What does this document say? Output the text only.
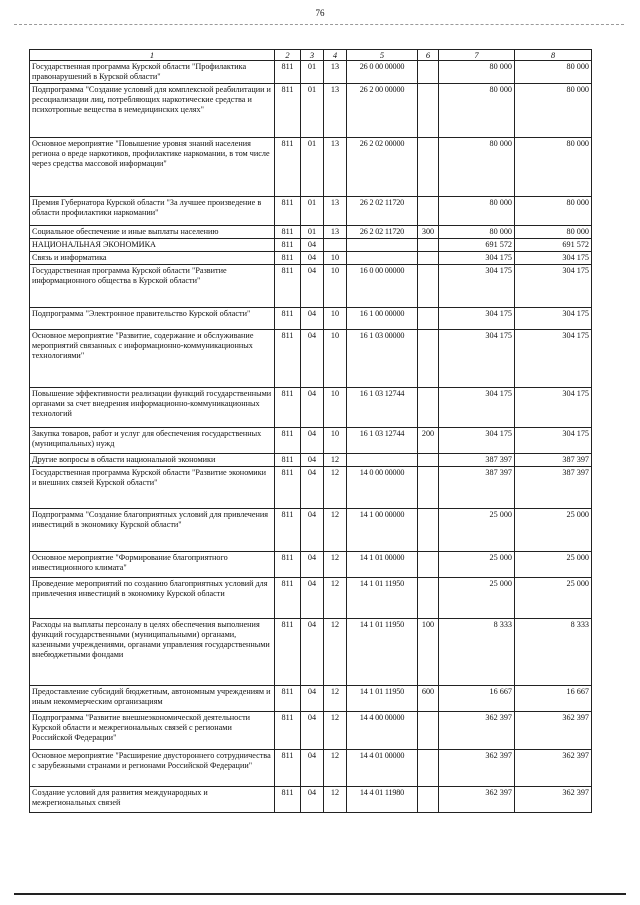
76
1	2	3	4	5	6	7	8
Государственная программа Курской области "Профилактика правонарушений в Курской области"	811	01	13	26 0 00 00000		80 000	80 000
Подпрограмма "Создание условий для комплексной реабилитации и ресоциализации лиц, потребляющих наркотические средства и психотропные вещества в немедицинских целях"	811	01	13	26 2 00 00000		80 000	80 000
Основное мероприятие "Повышение уровня знаний населения региона о вреде наркотиков, профилактике наркомании, в том числе через средства массовой информации"	811	01	13	26 2 02 00000		80 000	80 000
Премия Губернатора Курской области "За лучшее произведение в области профилактики наркомании"	811	01	13	26 2 02 11720		80 000	80 000
Социальное обеспечение и иные выплаты населению	811	01	13	26 2 02 11720	300	80 000	80 000
НАЦИОНАЛЬНАЯ ЭКОНОМИКА	811	04				691 572	691 572
Связь и информатика	811	04	10			304 175	304 175
Государственная программа Курской области "Развитие информационного общества в Курской области"	811	04	10	16 0 00 00000		304 175	304 175
Подпрограмма "Электронное правительство Курской области"	811	04	10	16 1 00 00000		304 175	304 175
Основное мероприятие "Развитие, содержание и обслуживание мероприятий связанных с информационно-коммуникационных технологиями"	811	04	10	16 1 03 00000		304 175	304 175
Повышение эффективности реализации функций государственными органами за счет внедрения информационно-коммуникационных технологий	811	04	10	16 1 03 12744		304 175	304 175
Закупка товаров, работ и услуг для обеспечения государственных (муниципальных) нужд	811	04	10	16 1 03 12744	200	304 175	304 175
Другие вопросы в области национальной экономики	811	04	12			387 397	387 397
Государственная программа Курской области "Развитие экономики и внешних связей Курской области"	811	04	12	14 0 00 00000		387 397	387 397
Подпрограмма "Создание благоприятных условий для привлечения инвестиций в экономику Курской области"	811	04	12	14 1 00 00000		25 000	25 000
Основное мероприятие "Формирование благоприятного инвестиционного климата"	811	04	12	14 1 01 00000		25 000	25 000
Проведение мероприятий по созданию благоприятных условий для привлечения инвестиций в экономику Курской области	811	04	12	14 1 01 11950		25 000	25 000
Расходы на выплаты персоналу в целях обеспечения выполнения функций государственными (муниципальными) органами, казенными учреждениями, органами управления государственными внебюджетными фондами	811	04	12	14 1 01 11950	100	8 333	8 333
Предоставление субсидий бюджетным, автономным учреждениям и иным некоммерческим организациям	811	04	12	14 1 01 11950	600	16 667	16 667
Подпрограмма "Развитие внешнеэкономической деятельности Курской области и межрегиональных связей с регионами Российской Федерации"	811	04	12	14 4 00 00000		362 397	362 397
Основное мероприятие "Расширение двустороннего сотрудничества с зарубежными странами и регионами Российской Федерации"	811	04	12	14 4 01 00000		362 397	362 397
Создание условий для развития международных и межрегиональных связей	811	04	12	14 4 01 11980		362 397	362 397
